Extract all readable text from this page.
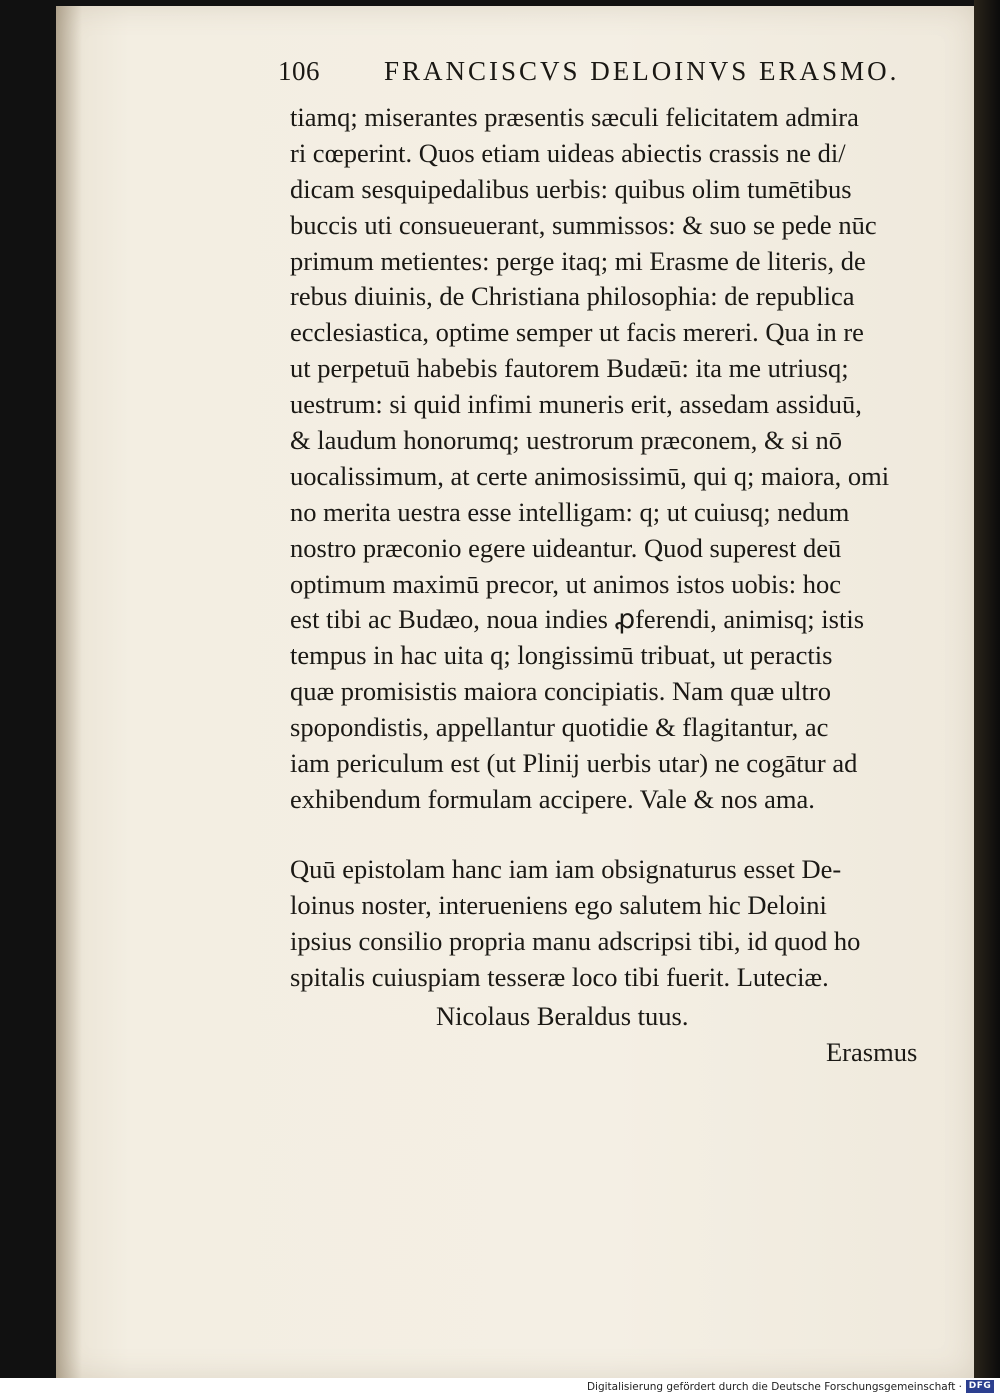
106 FRANCISCVS DELOINVS ERASMO.
tiamq; miserantes præsentis sæculi felicitatem admira
ri cœperint. Quos etiam uideas abiectis crassis ne di/
dicam sesquipedalibus uerbis: quibus olim tumētibus
buccis uti consueuerant, summissos: & suo se pede nūc
primum metientes: perge itaq; mi Erasme de literis, de
rebus diuinis, de Christiana philosophia: de republica
ecclesiastica, optime semper ut facis mereri. Qua in re
ut perpetuū habebis fautorem Budæū: ita me utriusq;
uestrum: si quid infimi muneris erit, assedam assiduū,
& laudum honorumq; uestrorum præconem, & si nō
uocalissimum, at certe animosissimū, qui q; maiora, omi
no merita uestra esse intelligam: q; ut cuiusq; nedum
nostro præconio egere uideantur. Quod superest deū
optimum maximū precor, ut animos istos uobis: hoc
est tibi ac Budæo, noua indies ꝓferendi, animisq; istis
tempus in hac uita q; longissimū tribuat, ut peractis
quæ promisistis maiora concipiatis. Nam quæ ultro
spopondistis, appellantur quotidie & flagitantur, ac
iam periculum est (ut Plinij uerbis utar) ne cogātur ad
exhibendum formulam accipere. Vale & nos ama.
Quū epistolam hanc iam iam obsignaturus esset De-
loinus noster, interueniens ego salutem hic Deloini
ipsius consilio propria manu adscripsi tibi, id quod ho
spitalis cuiuspiam tesseræ loco tibi fuerit. Luteciæ.
Nicolaus Beraldus tuus.
Erasmus
Digitalisierung gefördert durch die Deutsche Forschungsgemeinschaft · DFG
